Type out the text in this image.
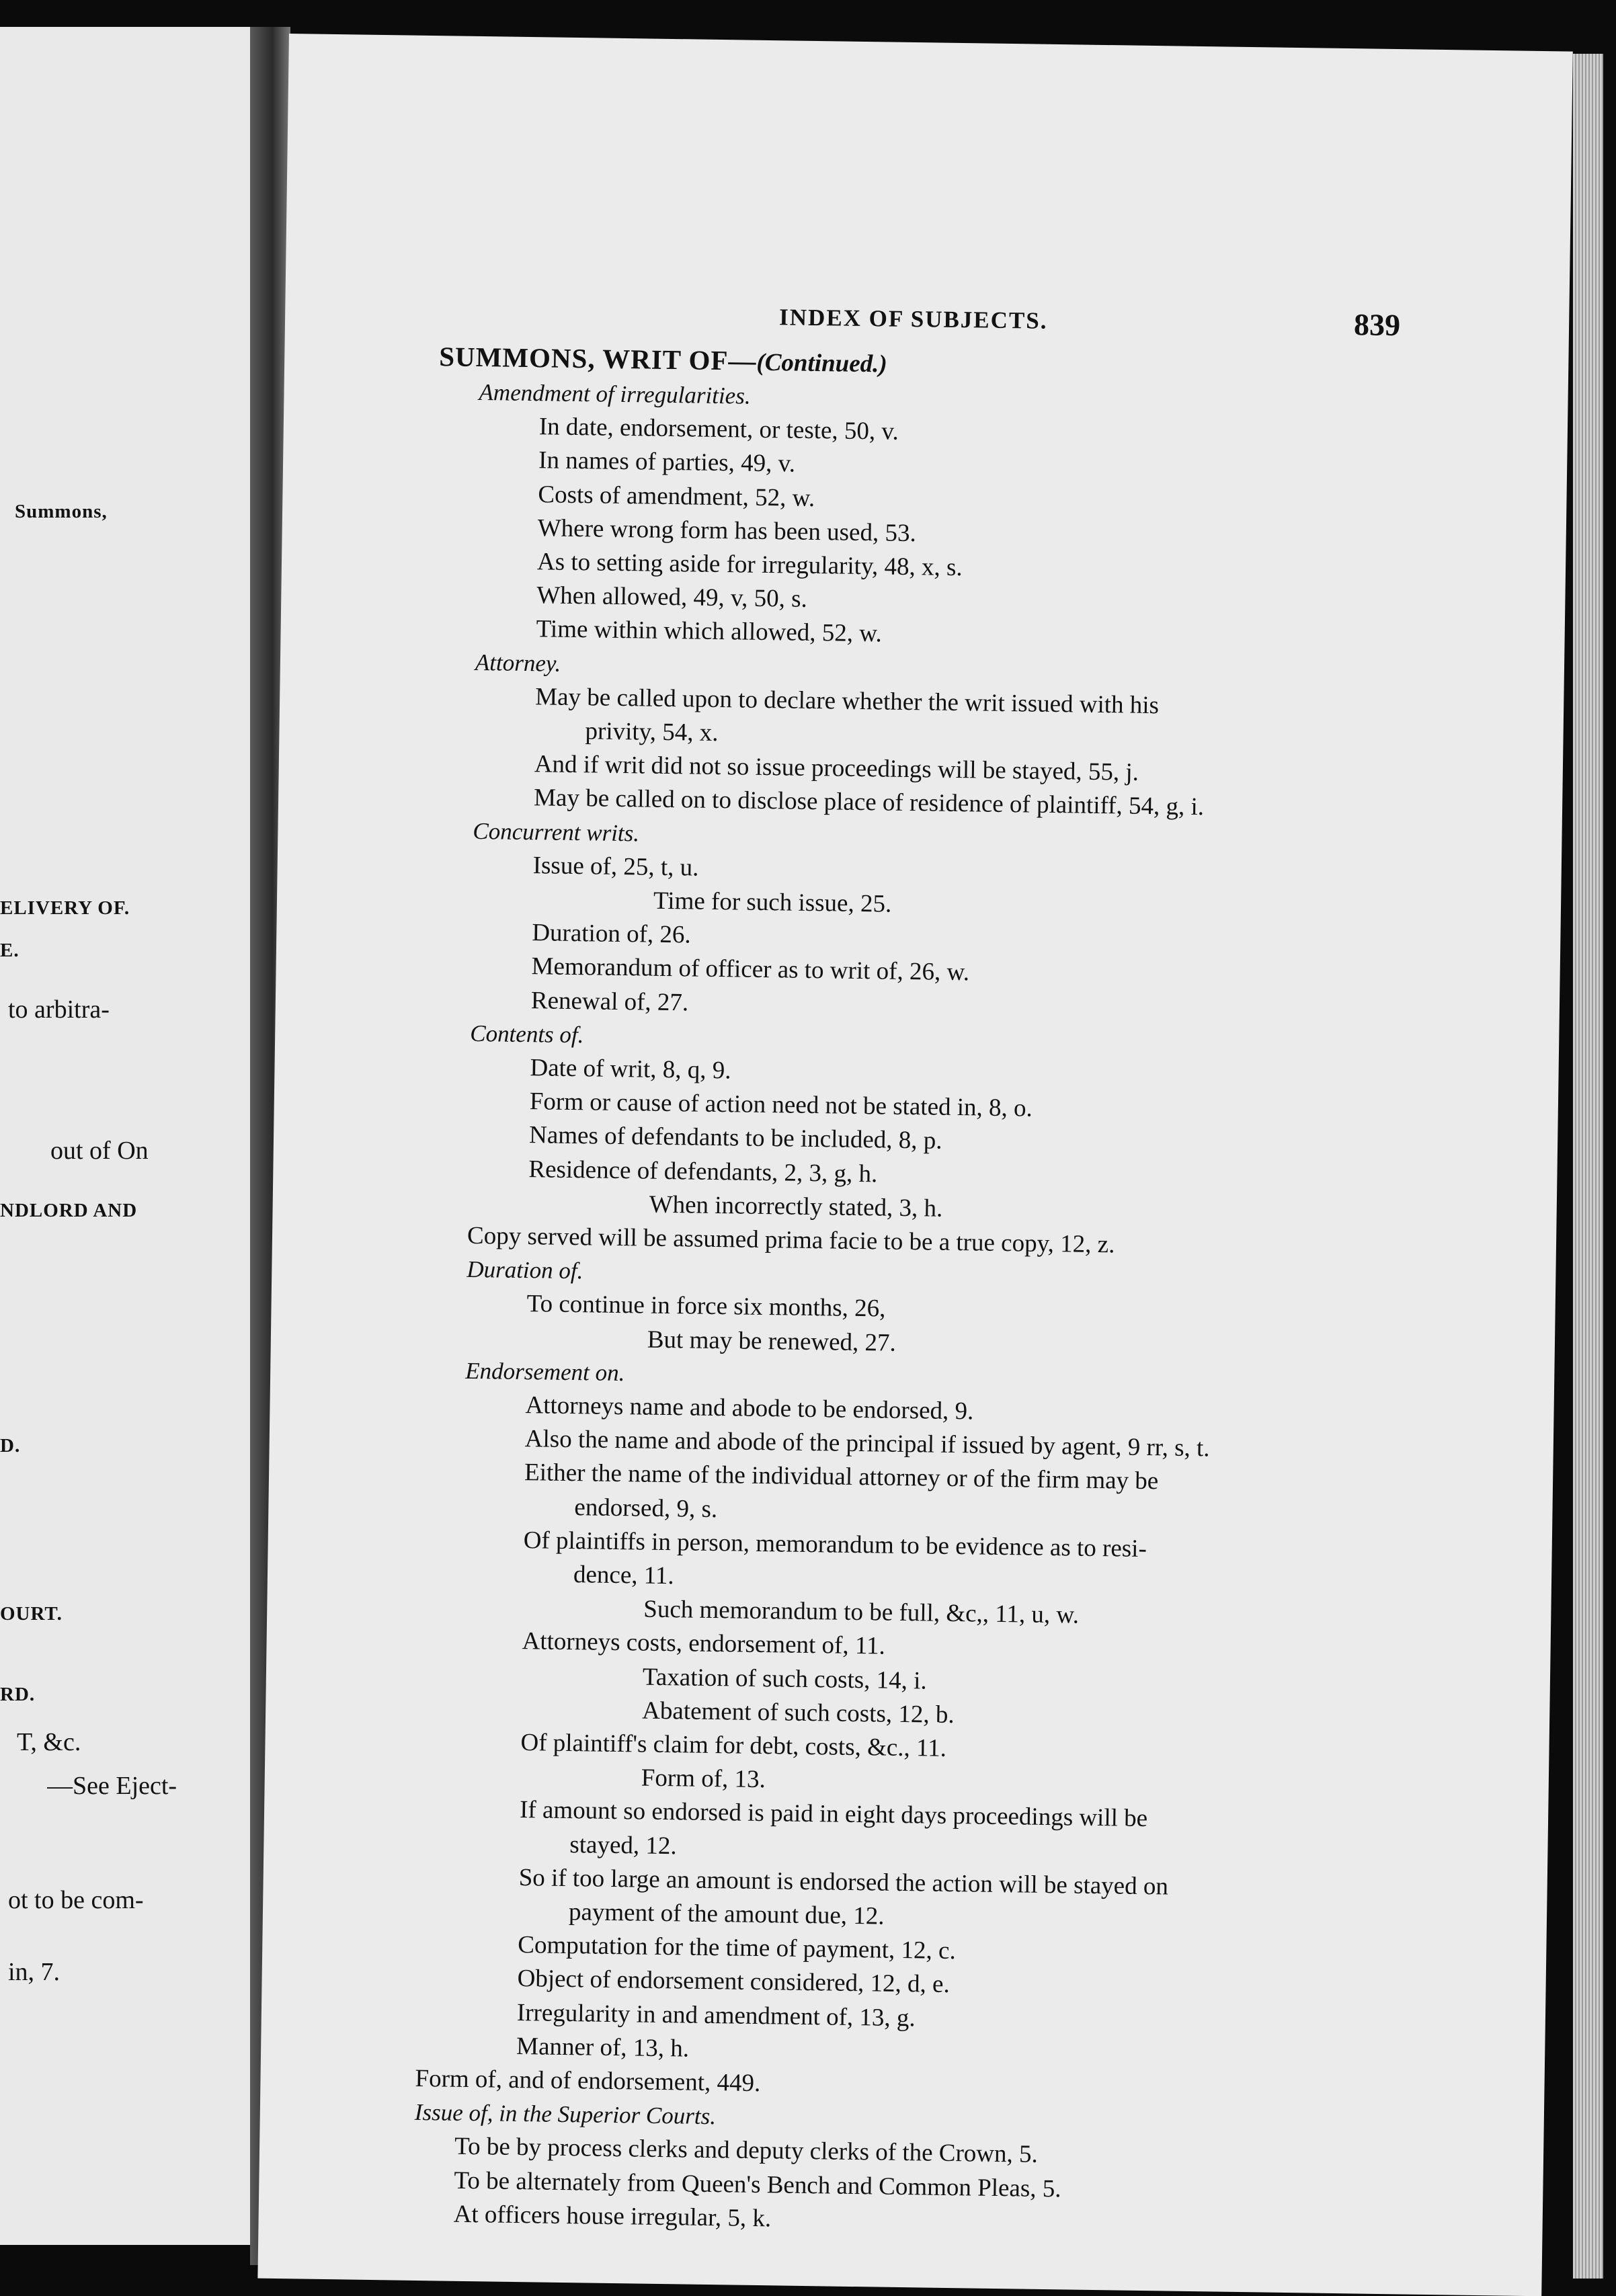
Summons,

ELIVERY OF.

E.

to arbitra-

out of On

NDLORD AND

D.

OURT.

RD.

T, &c.

—See Eject-

ot to be com-

in, 7.

INDEX OF SUBJECTS.	839

SUMMONS, WRIT OF—(Continued.)

Amendment of irregularities.

In date, endorsement, or teste, 50, v.

In names of parties, 49, v.

Costs of amendment, 52, w.

Where wrong form has been used, 53.

As to setting aside for irregularity, 48, x, s.

When allowed, 49, v, 50, s.

Time within which allowed, 52, w.

Attorney.

May be called upon to declare whether the writ issued with his

privity, 54, x.

And if writ did not so issue proceedings will be stayed, 55, j.

May be called on to disclose place of residence of plaintiff, 54, g, i.

Concurrent writs.

Issue of, 25, t, u.

Time for such issue, 25.

Duration of, 26.

Memorandum of officer as to writ of, 26, w.

Renewal of, 27.

Contents of.

Date of writ, 8, q, 9.

Form or cause of action need not be stated in, 8, o.

Names of defendants to be included, 8, p.

Residence of defendants, 2, 3, g, h.

When incorrectly stated, 3, h.

Copy served will be assumed prima facie to be a true copy, 12, z.

Duration of.

To continue in force six months, 26,

But may be renewed, 27.

Endorsement on.

Attorneys name and abode to be endorsed, 9.

Also the name and abode of the principal if issued by agent, 9 rr, s, t.

Either the name of the individual attorney or of the firm may be

endorsed, 9, s.

Of plaintiffs in person, memorandum to be evidence as to resi-

dence, 11.

Such memorandum to be full, &c,, 11, u, w.

Attorneys costs, endorsement of, 11.

Taxation of such costs, 14, i.

Abatement of such costs, 12, b.

Of plaintiff's claim for debt, costs, &c., 11.

Form of, 13.

If amount so endorsed is paid in eight days proceedings will be

stayed, 12.

So if too large an amount is endorsed the action will be stayed on

payment of the amount due, 12.

Computation for the time of payment, 12, c.

Object of endorsement considered, 12, d, e.

Irregularity in and amendment of, 13, g.

Manner of, 13, h.

Form of, and of endorsement, 449.

Issue of, in the Superior Courts.

To be by process clerks and deputy clerks of the Crown, 5.

To be alternately from Queen's Bench and Common Pleas, 5.

At officers house irregular, 5, k.
